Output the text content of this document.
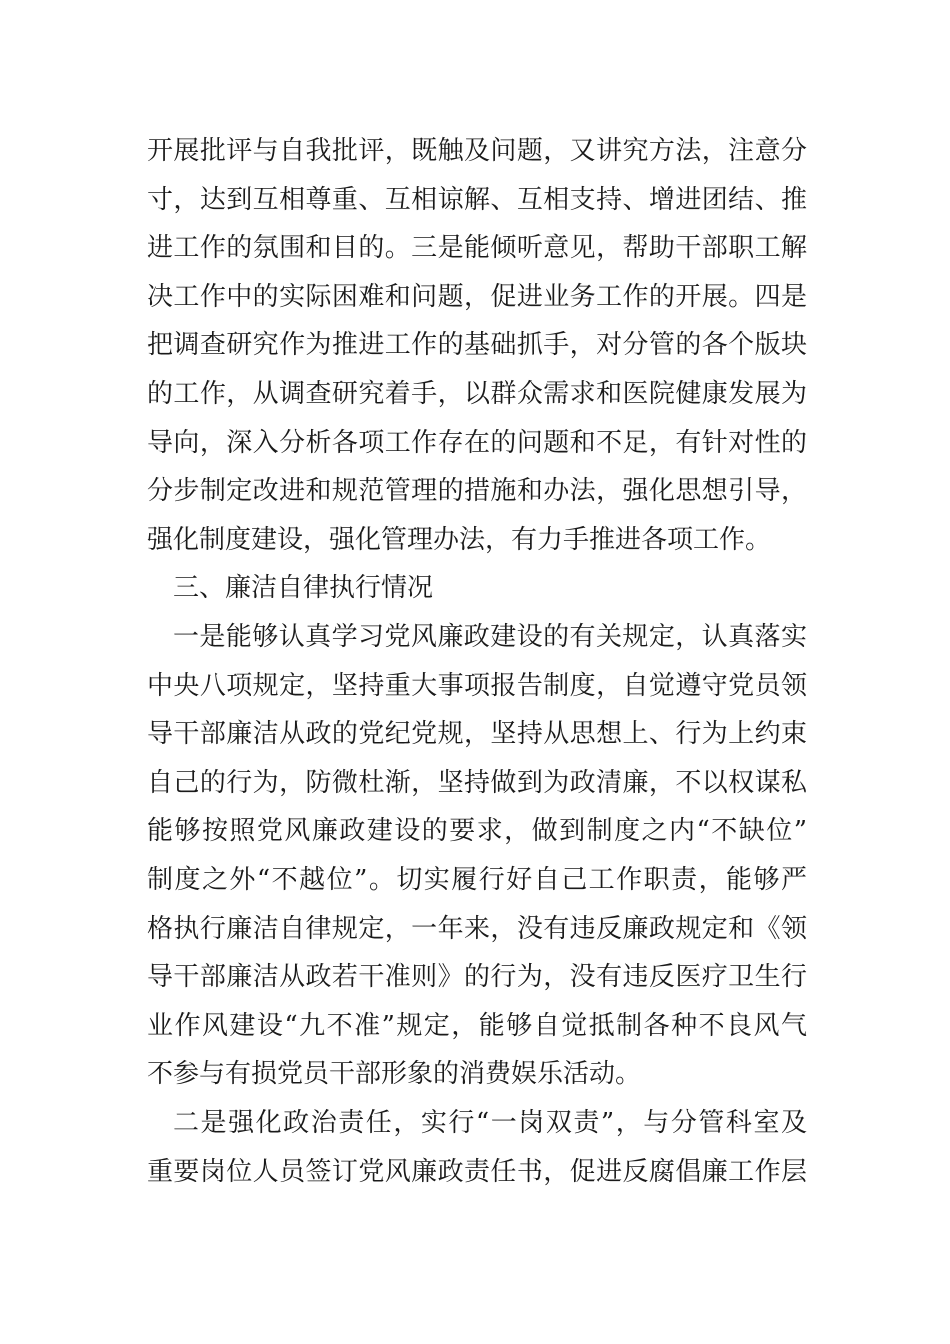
开展批评与自我批评，既触及问题，又讲究方法，注意分
寸，达到互相尊重、互相谅解、互相支持、增进团结、推
进工作的氛围和目的。三是能倾听意见，帮助干部职工解
决工作中的实际困难和问题，促进业务工作的开展。四是
把调查研究作为推进工作的基础抓手，对分管的各个版块
的工作，从调查研究着手，以群众需求和医院健康发展为
导向，深入分析各项工作存在的问题和不足，有针对性的
分步制定改进和规范管理的措施和办法，强化思想引导，
强化制度建设，强化管理办法，有力手推进各项工作。
三、廉洁自律执行情况
一是能够认真学习党风廉政建设的有关规定，认真落实
中央八项规定，坚持重大事项报告制度，自觉遵守党员领
导干部廉洁从政的党纪党规，坚持从思想上、行为上约束
自己的行为，防微杜渐，坚持做到为政清廉，不以权谋私
能够按照党风廉政建设的要求，做到制度之内“不缺位”
制度之外“不越位”。切实履行好自己工作职责，能够严
格执行廉洁自律规定，一年来，没有违反廉政规定和《领
导干部廉洁从政若干准则》的行为，没有违反医疗卫生行
业作风建设“九不准”规定，能够自觉抵制各种不良风气
不参与有损党员干部形象的消费娱乐活动。
二是强化政治责任，实行“一岗双责”，与分管科室及
重要岗位人员签订党风廉政责任书，促进反腐倡廉工作层
